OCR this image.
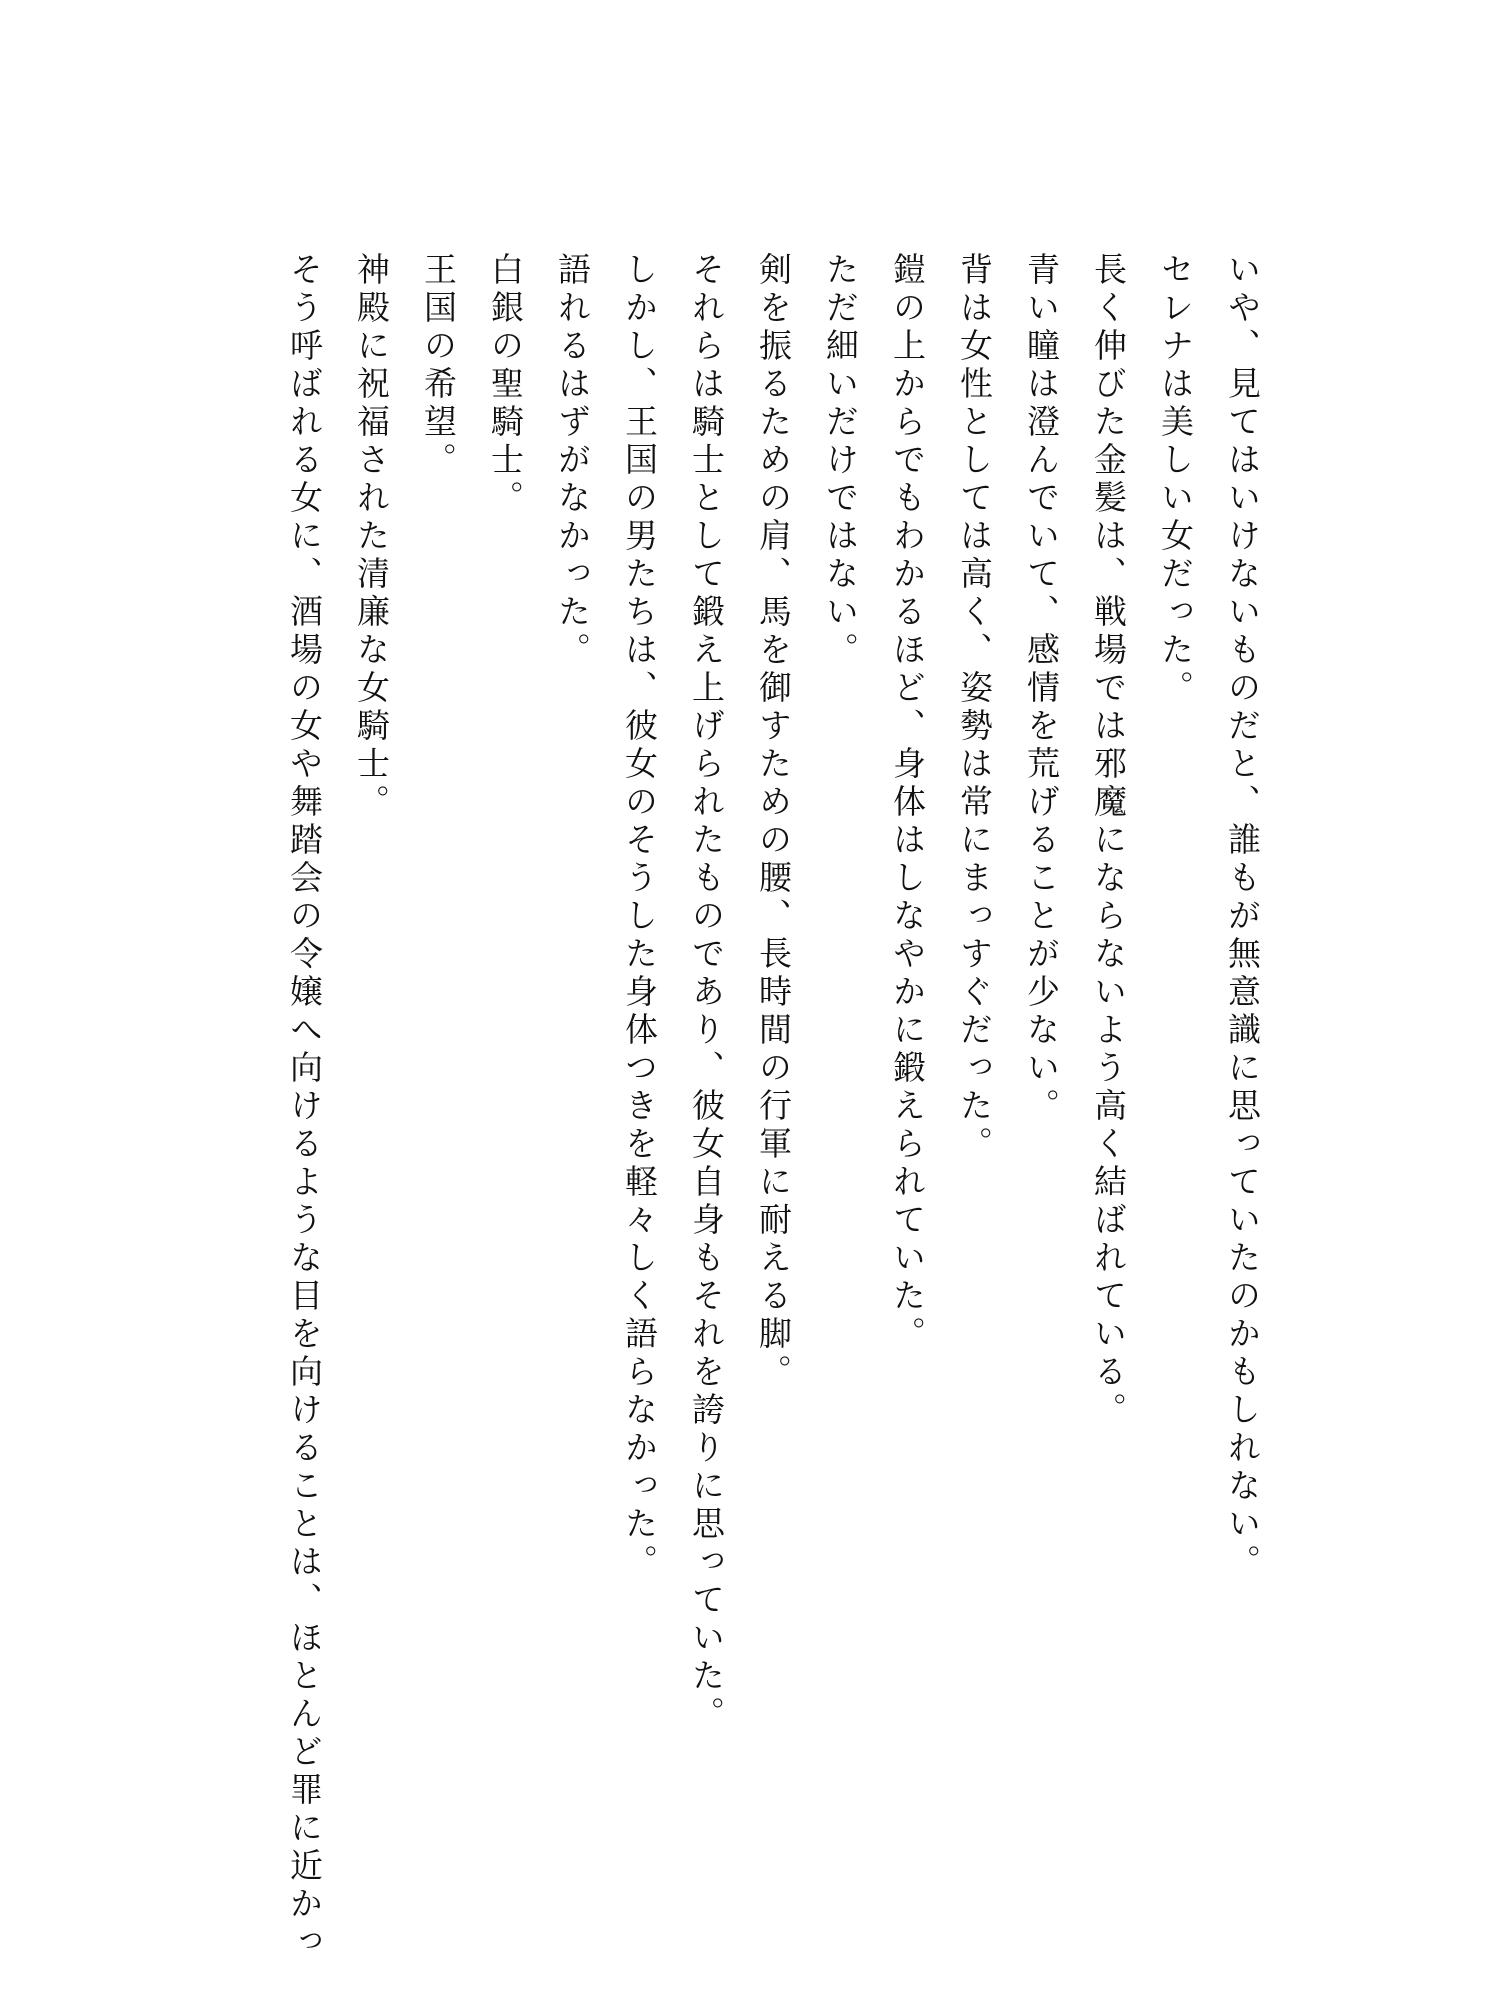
いや、見てはいけないものだと、誰もが無意識に思っていたのかもしれない。

セレナは美しい女だった。

長く伸びた金髪は、戦場では邪魔にならないよう高く結ばれている。

青い瞳は澄んでいて、感情を荒げることが少ない。

背は女性としては高く、姿勢は常にまっすぐだった。

鎧の上からでもわかるほど、身体はしなやかに鍛えられていた。

ただ細いだけではない。

剣を振るための肩、馬を御すための腰、長時間の行軍に耐える脚。

それらは騎士として鍛え上げられたものであり、彼女自身もそれを誇りに思っていた。

しかし、王国の男たちは、彼女のそうした身体つきを軽々しく語らなかった。

語れるはずがなかった。

白銀の聖騎士。

王国の希望。

神殿に祝福された清廉な女騎士。

そう呼ばれる女に、酒場の女や舞踏会の令嬢へ向けるような目を向けることは、ほとんど罪に近かっ
